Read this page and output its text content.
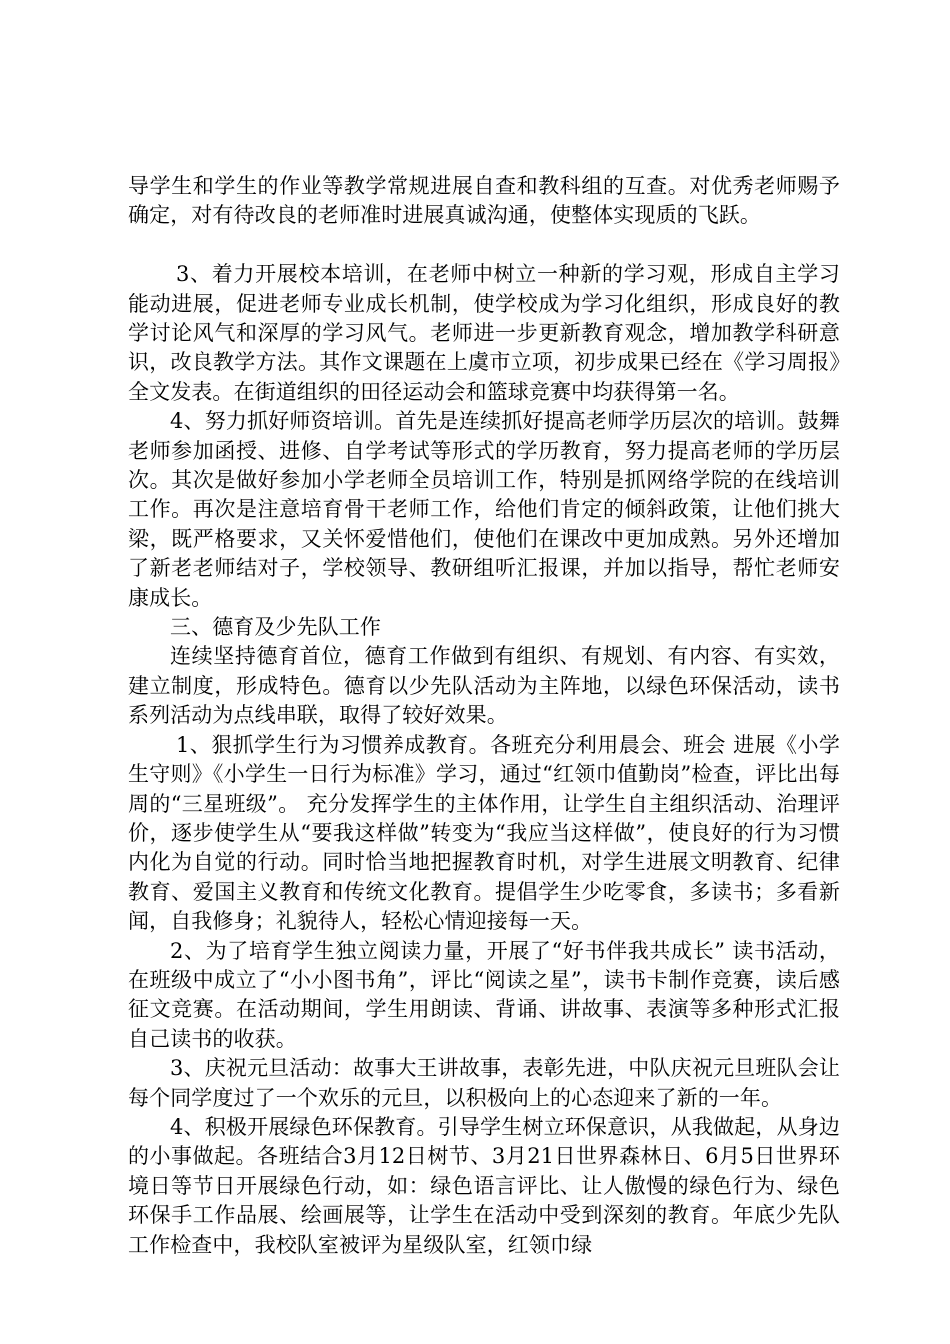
导学生和学生的作业等教学常规进展自查和教科组的互查。对优秀老师赐予确定，对有待改良的老师准时进展真诚沟通，使整体实现质的飞跃。

3、着力开展校本培训，在老师中树立一种新的学习观，形成自主学习能动进展，促进老师专业成长机制，使学校成为学习化组织，形成良好的教学讨论风气和深厚的学习风气。老师进一步更新教育观念，增加教学科研意识，改良教学方法。其作文课题在上虞市立项，初步成果已经在《学习周报》全文发表。在街道组织的田径运动会和篮球竞赛中均获得第一名。

4、努力抓好师资培训。首先是连续抓好提高老师学历层次的培训。鼓舞老师参加函授、进修、自学考试等形式的学历教育，努力提高老师的学历层次。其次是做好参加小学老师全员培训工作，特别是抓网络学院的在线培训工作。再次是注意培育骨干老师工作，给他们肯定的倾斜政策，让他们挑大梁，既严格要求，又关怀爱惜他们，使他们在课改中更加成熟。另外还增加了新老老师结对子，学校领导、教研组听汇报课，并加以指导，帮忙老师安康成长。

三、德育及少先队工作

连续坚持德育首位，德育工作做到有组织、有规划、有内容、有实效，建立制度，形成特色。德育以少先队活动为主阵地，以绿色环保活动，读书系列活动为点线串联，取得了较好效果。

1、狠抓学生行为习惯养成教育。各班充分利用晨会、班会 进展《小学生守则》《小学生一日行为标准》学习，通过“红领巾值勤岗”检查，评比出每周的“三星班级”。 充分发挥学生的主体作用，让学生自主组织活动、治理评价，逐步使学生从“要我这样做”转变为“我应当这样做”，使良好的行为习惯内化为自觉的行动。同时恰当地把握教育时机，对学生进展文明教育、纪律教育、爱国主义教育和传统文化教育。提倡学生少吃零食，多读书；多看新闻，自我修身；礼貌待人，轻松心情迎接每一天。

2、为了培育学生独立阅读力量，开展了“好书伴我共成长” 读书活动，在班级中成立了“小小图书角”，评比“阅读之星”，读书卡制作竞赛，读后感征文竞赛。在活动期间，学生用朗读、背诵、讲故事、表演等多种形式汇报自己读书的收获。

3、庆祝元旦活动：故事大王讲故事，表彰先进，中队庆祝元旦班队会让每个同学度过了一个欢乐的元旦，以积极向上的心态迎来了新的一年。

4、积极开展绿色环保教育。引导学生树立环保意识，从我做起，从身边的小事做起。各班结合3月12日树节、3月21日世界森林日、6月5日世界环境日等节日开展绿色行动，如：绿色语言评比、让人傲慢的绿色行为、绿色环保手工作品展、绘画展等，让学生在活动中受到深刻的教育。年底少先队工作检查中，我校队室被评为星级队室，红领巾绿
